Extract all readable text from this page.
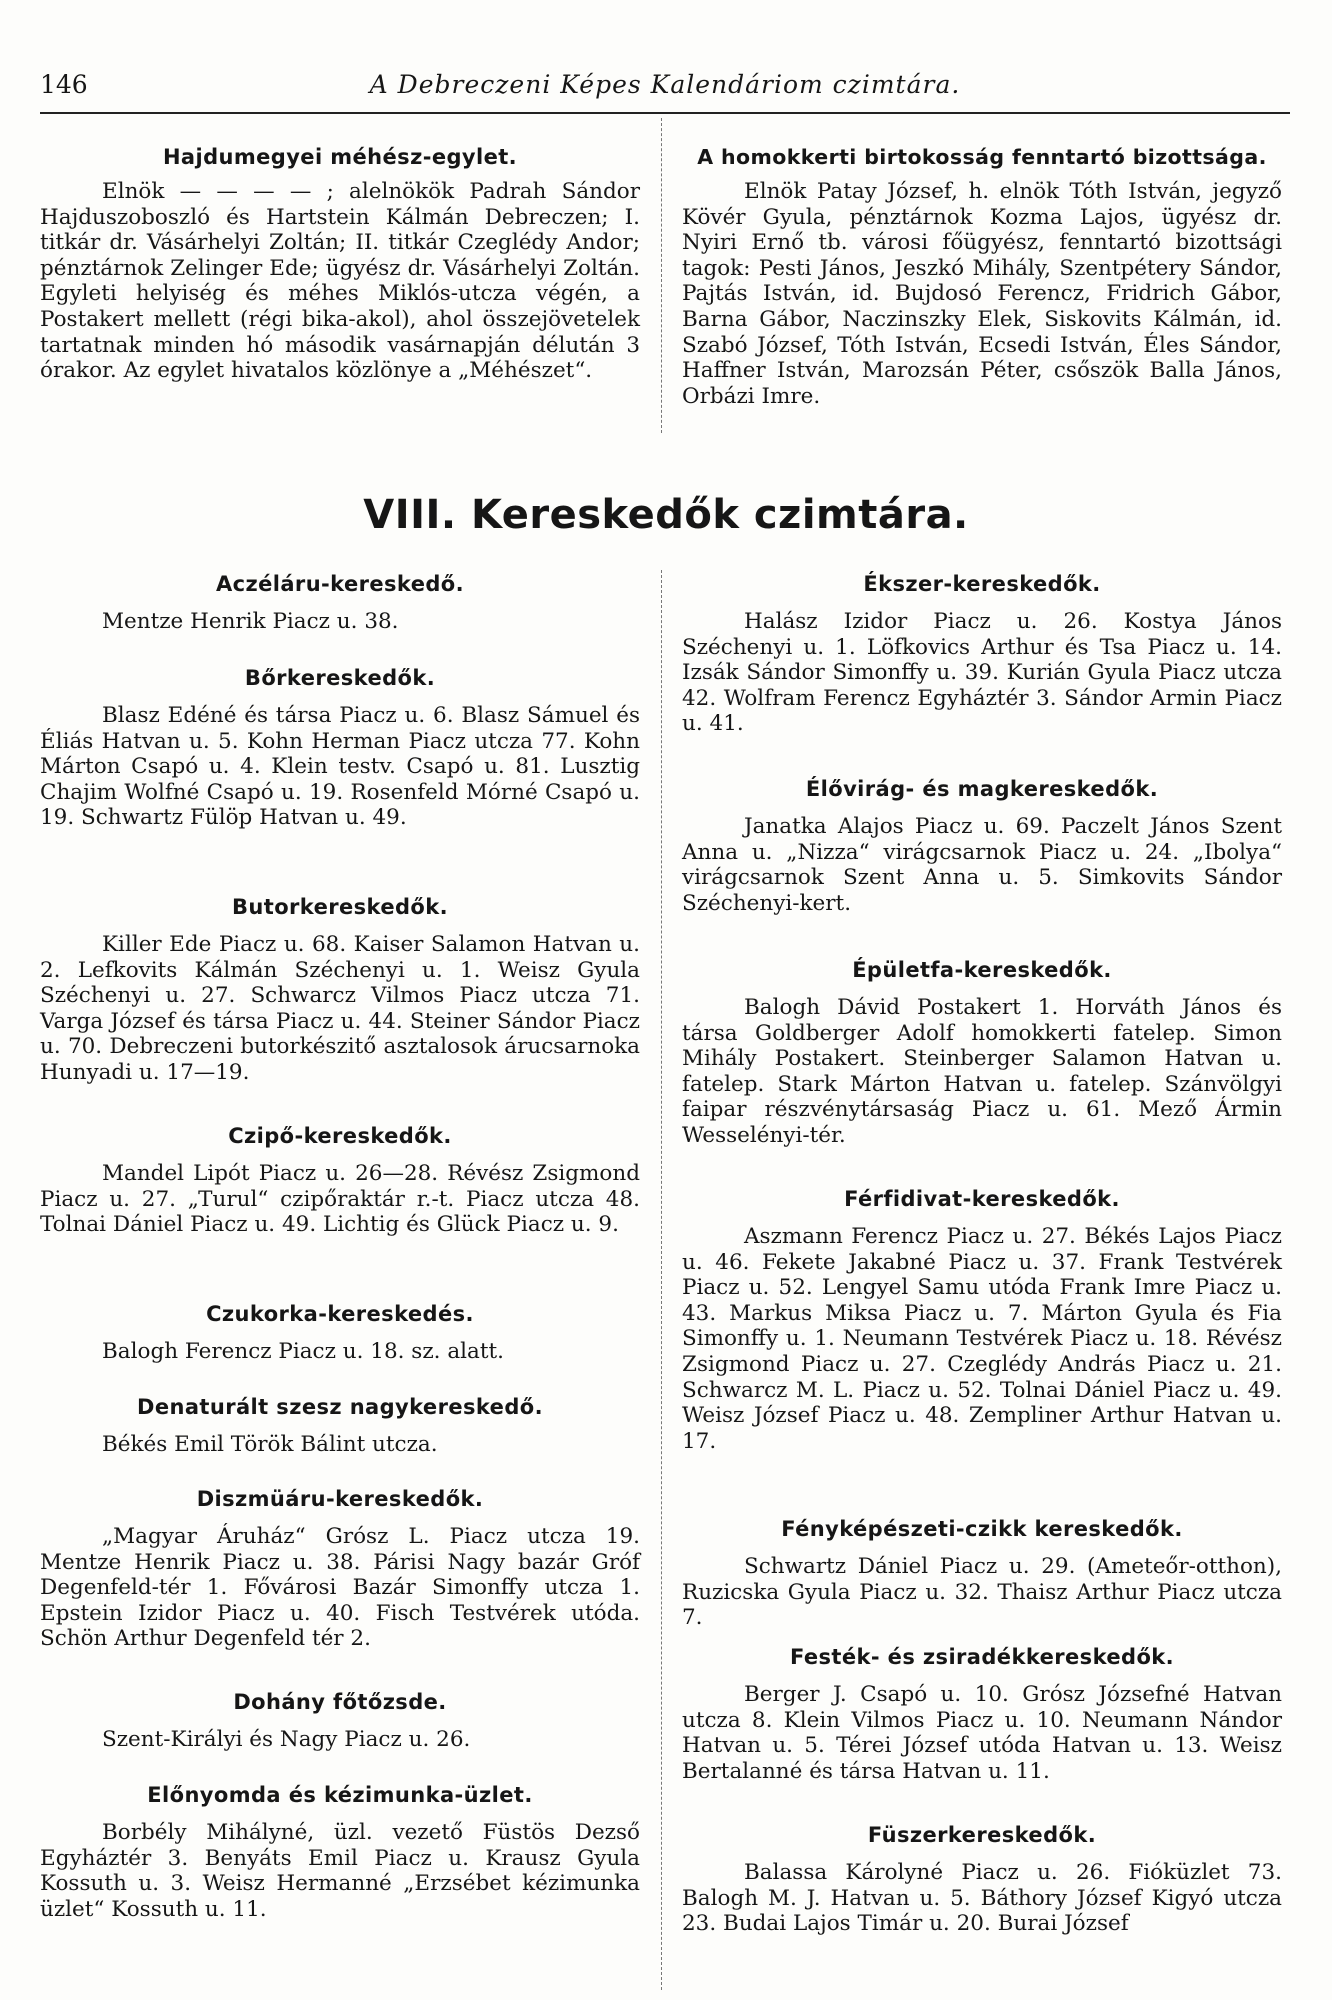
146	A Debreczeni Képes Kalendáriom czimtára.
Hajdumegyei méhész-egylet.

Elnök — — — — ; alelnökök Padrah Sándor Hajduszoboszló és Hartstein Kálmán Debreczen; I. titkár dr. Vásárhelyi Zoltán; II. titkár Czeglédy Andor; pénztárnok Zelinger Ede; ügyész dr. Vásárhelyi Zoltán. Egyleti helyiség és méhes Miklós-utcza végén, a Postakert mellett (régi bika-akol), ahol összejövetelek tartatnak minden hó második vasárnapján délután 3 órakor. Az egylet hivatalos közlönye a „Méhészet“.

A homokkerti birtokosság fenntartó bizottsága.

Elnök Patay József, h. elnök Tóth István, jegyző Kövér Gyula, pénztárnok Kozma Lajos, ügyész dr. Nyiri Ernő tb. városi főügyész, fenntartó bizottsági tagok: Pesti János, Jeszkó Mihály, Szentpétery Sándor, Pajtás István, id. Bujdosó Ferencz, Fridrich Gábor, Barna Gábor, Naczinszky Elek, Siskovits Kálmán, id. Szabó József, Tóth István, Ecsedi István, Éles Sándor, Haffner István, Marozsán Péter, csőszök Balla János, Orbázi Imre.

VIII. Kereskedők czimtára.
Aczéláru-kereskedő.

Mentze Henrik Piacz u. 38.

Bőrkereskedők.

Blasz Edéné és társa Piacz u. 6. Blasz Sámuel és Éliás Hatvan u. 5. Kohn Herman Piacz utcza 77. Kohn Márton Csapó u. 4. Klein testv. Csapó u. 81. Lusztig Chajim Wolfné Csapó u. 19. Rosenfeld Mórné Csapó u. 19. Schwartz Fülöp Hatvan u. 49.

Butorkereskedők.

Killer Ede Piacz u. 68. Kaiser Salamon Hatvan u. 2. Lefkovits Kálmán Széchenyi u. 1. Weisz Gyula Széchenyi u. 27. Schwarcz Vilmos Piacz utcza 71. Varga József és társa Piacz u. 44. Steiner Sándor Piacz u. 70. Debreczeni butorkészitő asztalosok árucsarnoka Hunyadi u. 17—19.

Czipő-kereskedők.

Mandel Lipót Piacz u. 26—28. Révész Zsigmond Piacz u. 27. „Turul“ czipőraktár r.-t. Piacz utcza 48. Tolnai Dániel Piacz u. 49. Lichtig és Glück Piacz u. 9.

Czukorka-kereskedés.

Balogh Ferencz Piacz u. 18. sz. alatt.

Denaturált szesz nagykereskedő.

Békés Emil Török Bálint utcza.

Diszmüáru-kereskedők.

„Magyar Áruház“ Grósz L. Piacz utcza 19. Mentze Henrik Piacz u. 38. Párisi Nagy bazár Gróf Degenfeld-tér 1. Fővárosi Bazár Simonffy utcza 1. Epstein Izidor Piacz u. 40. Fisch Testvérek utóda. Schön Arthur Degenfeld tér 2.

Dohány főtőzsde.

Szent-Királyi és Nagy Piacz u. 26.

Előnyomda és kézimunka-üzlet.

Borbély Mihályné, üzl. vezető Füstös Dezső Egyháztér 3. Benyáts Emil Piacz u. Krausz Gyula Kossuth u. 3. Weisz Hermanné „Erzsébet kézimunka üzlet“ Kossuth u. 11.

Ékszer-kereskedők.

Halász Izidor Piacz u. 26. Kostya János Széchenyi u. 1. Löfkovics Arthur és Tsa Piacz u. 14. Izsák Sándor Simonffy u. 39. Kurián Gyula Piacz utcza 42. Wolfram Ferencz Egyháztér 3. Sándor Armin Piacz u. 41.

Élővirág- és magkereskedők.

Janatka Alajos Piacz u. 69. Paczelt János Szent Anna u. „Nizza“ virágcsarnok Piacz u. 24. „Ibolya“ virágcsarnok Szent Anna u. 5. Simkovits Sándor Széchenyi-kert.

Épületfa-kereskedők.

Balogh Dávid Postakert 1. Horváth János és társa Goldberger Adolf homokkerti fatelep. Simon Mihály Postakert. Steinberger Salamon Hatvan u. fatelep. Stark Márton Hatvan u. fatelep. Szánvölgyi faipar részvénytársaság Piacz u. 61. Mező Ármin Wesselényi-tér.

Férfidivat-kereskedők.

Aszmann Ferencz Piacz u. 27. Békés Lajos Piacz u. 46. Fekete Jakabné Piacz u. 37. Frank Testvérek Piacz u. 52. Lengyel Samu utóda Frank Imre Piacz u. 43. Markus Miksa Piacz u. 7. Márton Gyula és Fia Simonffy u. 1. Neumann Testvérek Piacz u. 18. Révész Zsigmond Piacz u. 27. Czeglédy András Piacz u. 21. Schwarcz M. L. Piacz u. 52. Tolnai Dániel Piacz u. 49. Weisz József Piacz u. 48. Zempliner Arthur Hatvan u. 17.

Fényképészeti-czikk kereskedők.

Schwartz Dániel Piacz u. 29. (Ameteőr-otthon), Ruzicska Gyula Piacz u. 32. Thaisz Arthur Piacz utcza 7.

Festék- és zsiradékkereskedők.

Berger J. Csapó u. 10. Grósz Józsefné Hatvan utcza 8. Klein Vilmos Piacz u. 10. Neumann Nándor Hatvan u. 5. Térei József utóda Hatvan u. 13. Weisz Bertalanné és társa Hatvan u. 11.

Füszerkereskedők.

Balassa Károlyné Piacz u. 26. Fióküzlet 73. Balogh M. J. Hatvan u. 5. Báthory József Kigyó utcza 23. Budai Lajos Timár u. 20. Burai József
